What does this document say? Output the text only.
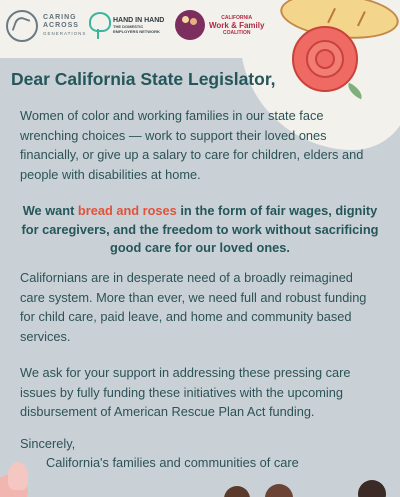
CARING
ACROSS
GENERATIONS
HAND IN HAND
THE DOMESTIC
EMPLOYERS NETWORK
CALIFORNIA
Work & Family
COALITION
Dear California State Legislator,
Women of color and working families in our state face wrenching choices — work to support their loved ones financially, or give up a salary to care for children, elders and people with disabilities at home.
We want bread and roses in the form of fair wages, dignity for caregivers, and the freedom to work without sacrificing good care for our loved ones.
Californians are in desperate need of a broadly reimagined care system. More than ever, we need full and robust funding for child care, paid leave, and home and community based services.
We ask for your support in addressing these pressing care issues by fully funding these initiatives with the upcoming disbursement of American Rescue Plan Act funding.
Sincerely,
California's families and communities of care
